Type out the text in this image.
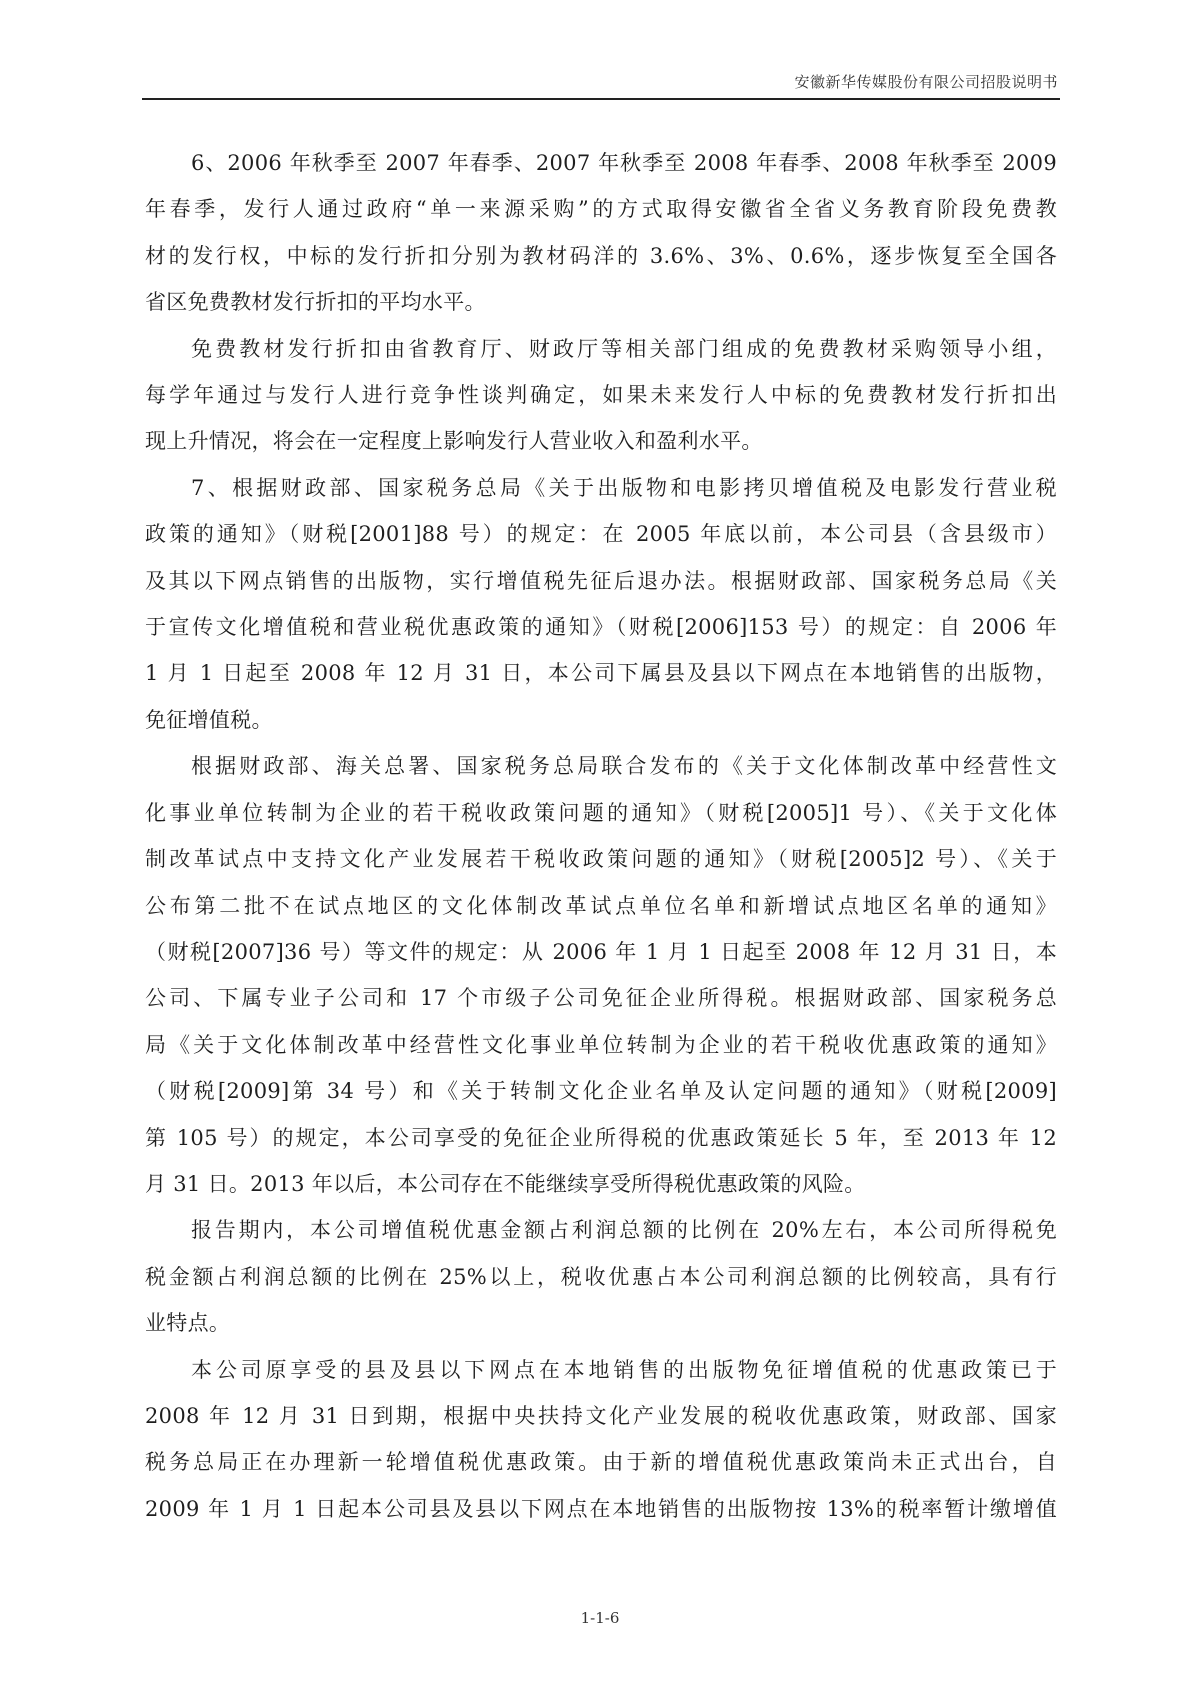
安徽新华传媒股份有限公司招股说明书

6、2006 年秋季至 2007 年春季、2007 年秋季至 2008 年春季、2008 年秋季至 2009
年春季，发行人通过政府“单一来源采购”的方式取得安徽省全省义务教育阶段免费教
材的发行权，中标的发行折扣分别为教材码洋的 3.6%、3%、0.6%，逐步恢复至全国各
省区免费教材发行折扣的平均水平。

免费教材发行折扣由省教育厅、财政厅等相关部门组成的免费教材采购领导小组，
每学年通过与发行人进行竞争性谈判确定，如果未来发行人中标的免费教材发行折扣出
现上升情况，将会在一定程度上影响发行人营业收入和盈利水平。

7、根据财政部、国家税务总局《关于出版物和电影拷贝增值税及电影发行营业税
政策的通知》（财税[2001]88 号）的规定：在 2005 年底以前，本公司县（含县级市）
及其以下网点销售的出版物，实行增值税先征后退办法。根据财政部、国家税务总局《关
于宣传文化增值税和营业税优惠政策的通知》（财税[2006]153 号）的规定：自 2006 年
1 月 1 日起至 2008 年 12 月 31 日，本公司下属县及县以下网点在本地销售的出版物，
免征增值税。

根据财政部、海关总署、国家税务总局联合发布的《关于文化体制改革中经营性文
化事业单位转制为企业的若干税收政策问题的通知》（财税[2005]1 号）、《关于文化体
制改革试点中支持文化产业发展若干税收政策问题的通知》（财税[2005]2 号）、《关于
公布第二批不在试点地区的文化体制改革试点单位名单和新增试点地区名单的通知》
（财税[2007]36 号）等文件的规定：从 2006 年 1 月 1 日起至 2008 年 12 月 31 日，本
公司、下属专业子公司和 17 个市级子公司免征企业所得税。根据财政部、国家税务总
局《关于文化体制改革中经营性文化事业单位转制为企业的若干税收优惠政策的通知》
（财税[2009]第 34 号）和《关于转制文化企业名单及认定问题的通知》（财税[2009]
第 105 号）的规定，本公司享受的免征企业所得税的优惠政策延长 5 年，至 2013 年 12
月 31 日。2013 年以后，本公司存在不能继续享受所得税优惠政策的风险。

报告期内，本公司增值税优惠金额占利润总额的比例在 20%左右，本公司所得税免
税金额占利润总额的比例在 25%以上，税收优惠占本公司利润总额的比例较高，具有行
业特点。

本公司原享受的县及县以下网点在本地销售的出版物免征增值税的优惠政策已于
2008 年 12 月 31 日到期，根据中央扶持文化产业发展的税收优惠政策，财政部、国家
税务总局正在办理新一轮增值税优惠政策。由于新的增值税优惠政策尚未正式出台，自
2009 年 1 月 1 日起本公司县及县以下网点在本地销售的出版物按 13%的税率暂计缴增值

1-1-6
